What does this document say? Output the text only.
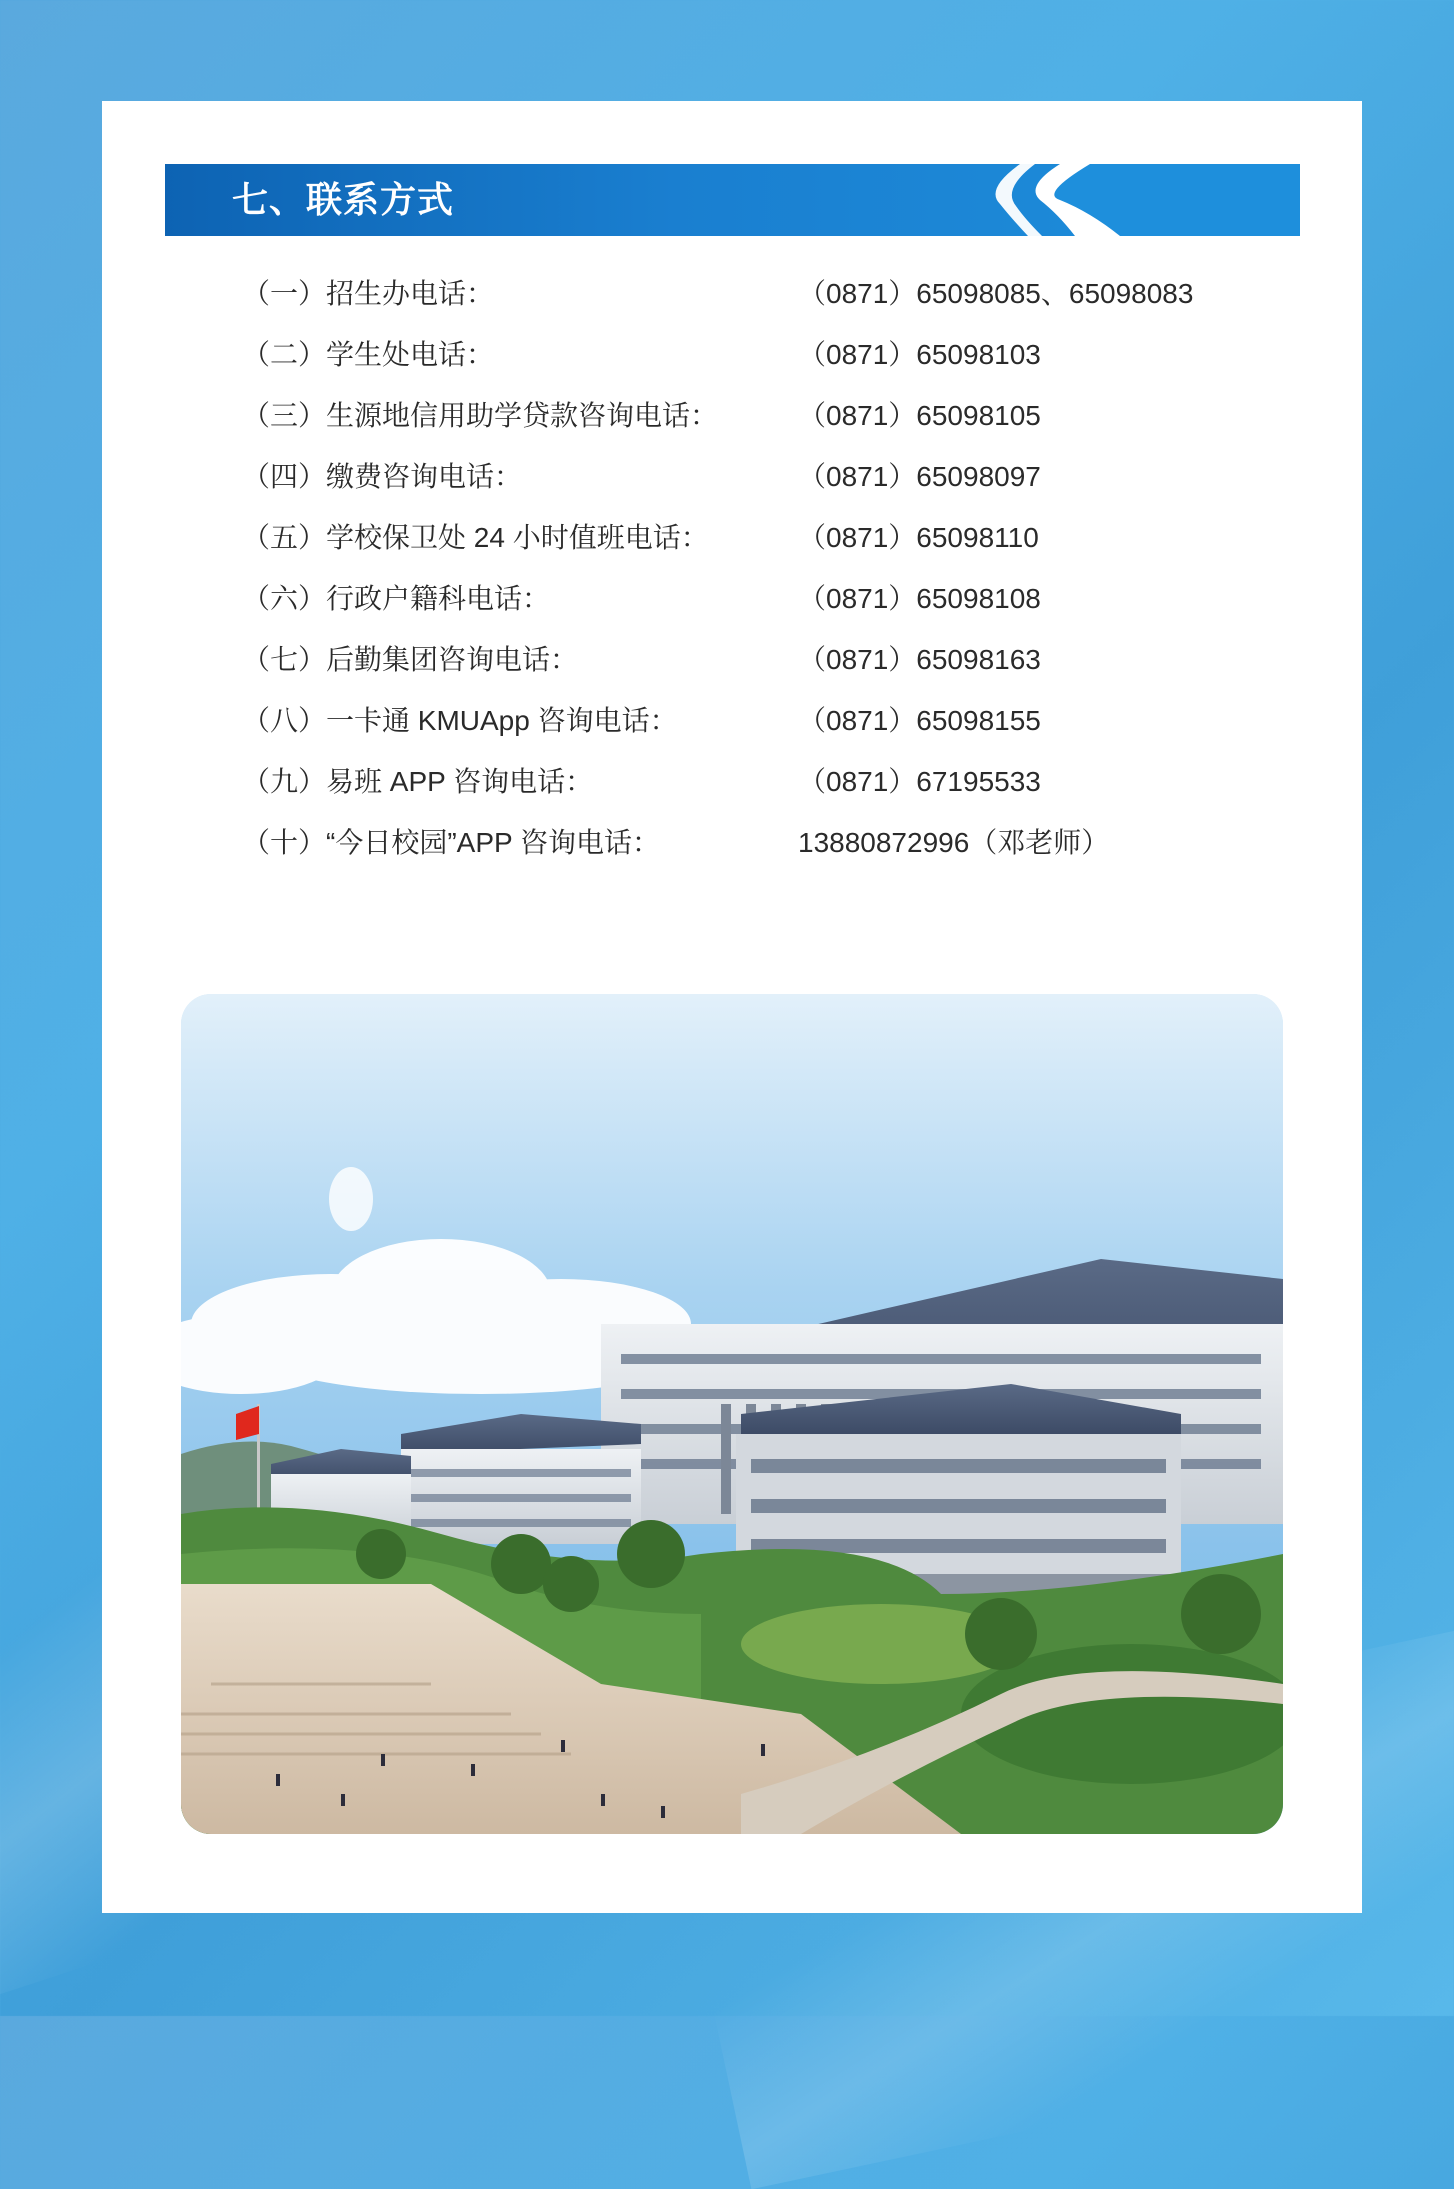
七、联系方式
（一）招生办电话：	（0871）65098085、65098083
（二）学生处电话：	（0871）65098103
（三）生源地信用助学贷款咨询电话：	（0871）65098105
（四）缴费咨询电话：	（0871）65098097
（五）学校保卫处 24 小时值班电话：	（0871）65098110
（六）行政户籍科电话：	（0871）65098108
（七）后勤集团咨询电话：	（0871）65098163
（八）一卡通 KMUApp 咨询电话：	（0871）65098155
（九）易班 APP 咨询电话：	（0871）67195533
（十）“今日校园”APP 咨询电话：	13880872996（邓老师）
